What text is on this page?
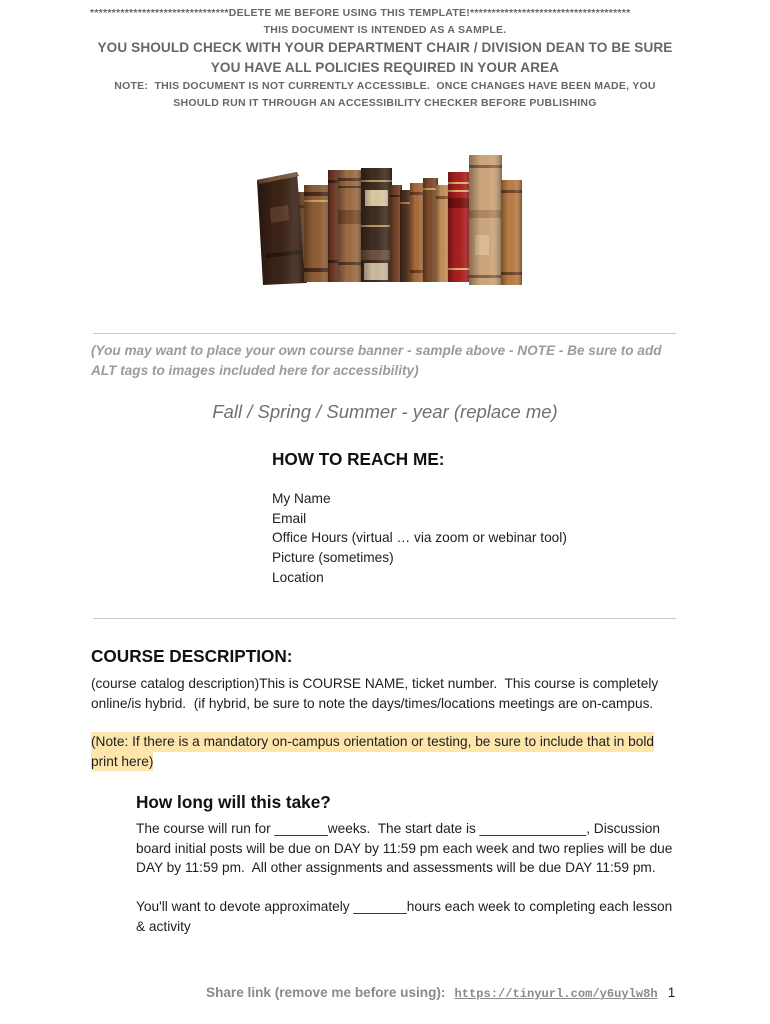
********************************DELETE ME BEFORE USING THIS TEMPLATE!*************************************
THIS DOCUMENT IS INTENDED AS A SAMPLE.
YOU SHOULD CHECK WITH YOUR DEPARTMENT CHAIR / DIVISION DEAN TO BE SURE
YOU HAVE ALL POLICIES REQUIRED IN YOUR AREA
NOTE:  THIS DOCUMENT IS NOT CURRENTLY ACCESSIBLE.  ONCE CHANGES HAVE BEEN MADE, YOU
SHOULD RUN IT THROUGH AN ACCESSIBILITY CHECKER BEFORE PUBLISHING
(You may want to place your own course banner - sample above - NOTE - Be sure to add
ALT tags to images included here for accessibility)
Fall / Spring / Summer - year (replace me)
HOW TO REACH ME:
My Name
Email
Office Hours (virtual … via zoom or webinar tool)
Picture (sometimes)
Location
COURSE DESCRIPTION:
(course catalog description)This is COURSE NAME, ticket number.  This course is completely
online/is hybrid.  (if hybrid, be sure to note the days/times/locations meetings are on-campus.
(Note: If there is a mandatory on-campus orientation or testing, be sure to include that in bold
print here)
How long will this take?
The course will run for _______weeks.  The start date is ______________, Discussion
board initial posts will be due on DAY by 11:59 pm each week and two replies will be due
DAY by 11:59 pm.  All other assignments and assessments will be due DAY 11:59 pm.
You'll want to devote approximately _______hours each week to completing each lesson
& activity
Share link (remove me before using): https://tinyurl.com/y6uylw8h 1
